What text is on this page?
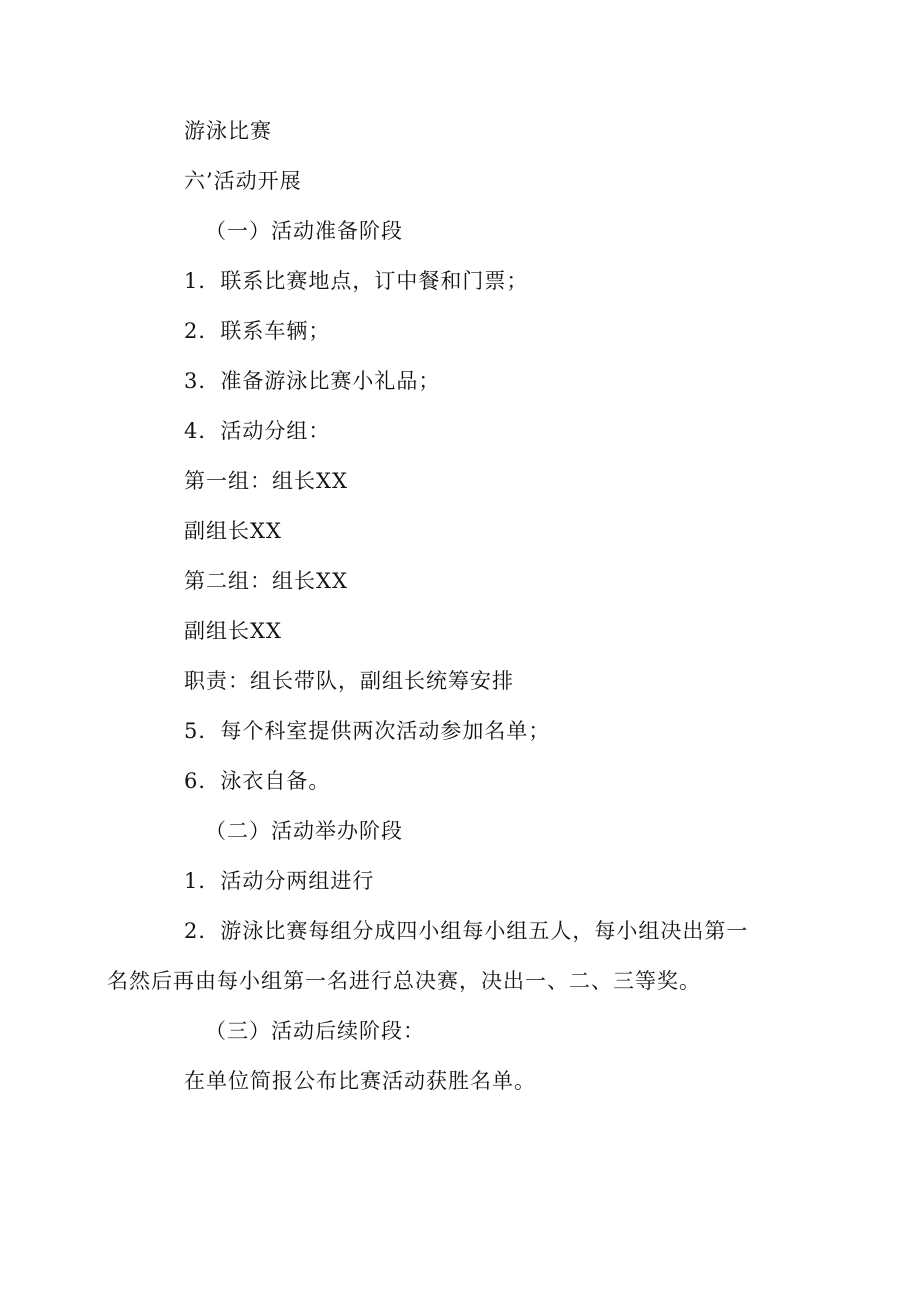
游泳比赛
六’活动开展
（一）活动准备阶段
1．联系比赛地点，订中餐和门票；
2．联系车辆；
3．准备游泳比赛小礼品；
4．活动分组：
第一组：组长XX
副组长XX
第二组：组长XX
副组长XX
职责：组长带队，副组长统筹安排
5．每个科室提供两次活动参加名单；
6．泳衣自备。
（二）活动举办阶段
1．活动分两组进行
2．游泳比赛每组分成四小组每小组五人，每小组决出第一
名然后再由每小组第一名进行总决赛，决出一、二、三等奖。
（三）活动后续阶段：
在单位简报公布比赛活动获胜名单。
